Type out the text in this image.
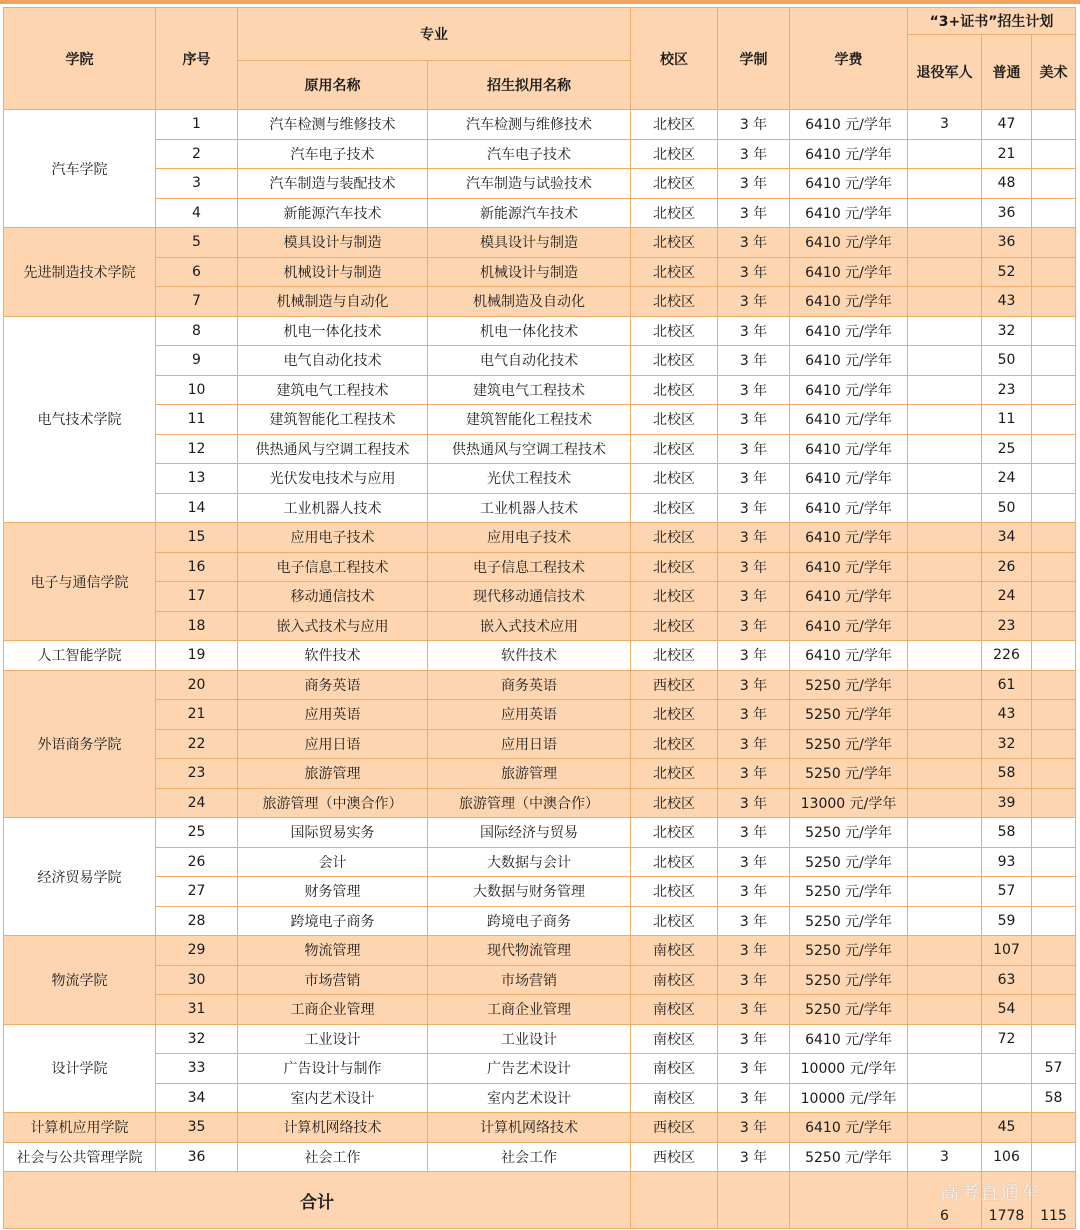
学院	序号	专业		校区	学制	学费	“3+证书”招生计划		
							退役军人	普通	美术
		原用名称	招生拟用名称						
汽车学院	1	汽车检测与维修技术	汽车检测与维修技术	北校区	3 年	6410 元/学年	3	47	
	2	汽车电子技术	汽车电子技术	北校区	3 年	6410 元/学年		21	
	3	汽车制造与装配技术	汽车制造与试验技术	北校区	3 年	6410 元/学年		48	
	4	新能源汽车技术	新能源汽车技术	北校区	3 年	6410 元/学年		36	
先进制造技术学院	5	模具设计与制造	模具设计与制造	北校区	3 年	6410 元/学年		36	
	6	机械设计与制造	机械设计与制造	北校区	3 年	6410 元/学年		52	
	7	机械制造与自动化	机械制造及自动化	北校区	3 年	6410 元/学年		43	
电气技术学院	8	机电一体化技术	机电一体化技术	北校区	3 年	6410 元/学年		32	
	9	电气自动化技术	电气自动化技术	北校区	3 年	6410 元/学年		50	
	10	建筑电气工程技术	建筑电气工程技术	北校区	3 年	6410 元/学年		23	
	11	建筑智能化工程技术	建筑智能化工程技术	北校区	3 年	6410 元/学年		11	
	12	供热通风与空调工程技术	供热通风与空调工程技术	北校区	3 年	6410 元/学年		25	
	13	光伏发电技术与应用	光伏工程技术	北校区	3 年	6410 元/学年		24	
	14	工业机器人技术	工业机器人技术	北校区	3 年	6410 元/学年		50	
电子与通信学院	15	应用电子技术	应用电子技术	北校区	3 年	6410 元/学年		34	
	16	电子信息工程技术	电子信息工程技术	北校区	3 年	6410 元/学年		26	
	17	移动通信技术	现代移动通信技术	北校区	3 年	6410 元/学年		24	
	18	嵌入式技术与应用	嵌入式技术应用	北校区	3 年	6410 元/学年		23	
人工智能学院	19	软件技术	软件技术	北校区	3 年	6410 元/学年		226	
外语商务学院	20	商务英语	商务英语	西校区	3 年	5250 元/学年		61	
	21	应用英语	应用英语	北校区	3 年	5250 元/学年		43	
	22	应用日语	应用日语	北校区	3 年	5250 元/学年		32	
	23	旅游管理	旅游管理	北校区	3 年	5250 元/学年		58	
	24	旅游管理（中澳合作）	旅游管理（中澳合作）	北校区	3 年	13000 元/学年		39	
经济贸易学院	25	国际贸易实务	国际经济与贸易	北校区	3 年	5250 元/学年		58	
	26	会计	大数据与会计	北校区	3 年	5250 元/学年		93	
	27	财务管理	大数据与财务管理	北校区	3 年	5250 元/学年		57	
	28	跨境电子商务	跨境电子商务	北校区	3 年	5250 元/学年		59	
物流学院	29	物流管理	现代物流管理	南校区	3 年	5250 元/学年		107	
	30	市场营销	市场营销	南校区	3 年	5250 元/学年		63	
	31	工商企业管理	工商企业管理	南校区	3 年	5250 元/学年		54	
设计学院	32	工业设计	工业设计	南校区	3 年	6410 元/学年		72	
	33	广告设计与制作	广告艺术设计	南校区	3 年	10000 元/学年			57
	34	室内艺术设计	室内艺术设计	南校区	3 年	10000 元/学年			58
计算机应用学院	35	计算机网络技术	计算机网络技术	西校区	3 年	6410 元/学年		45	
社会与公共管理学院	36	社会工作	社会工作	西校区	3 年	5250 元/学年	3	106	
合计							6	1778	115
高考直通车
